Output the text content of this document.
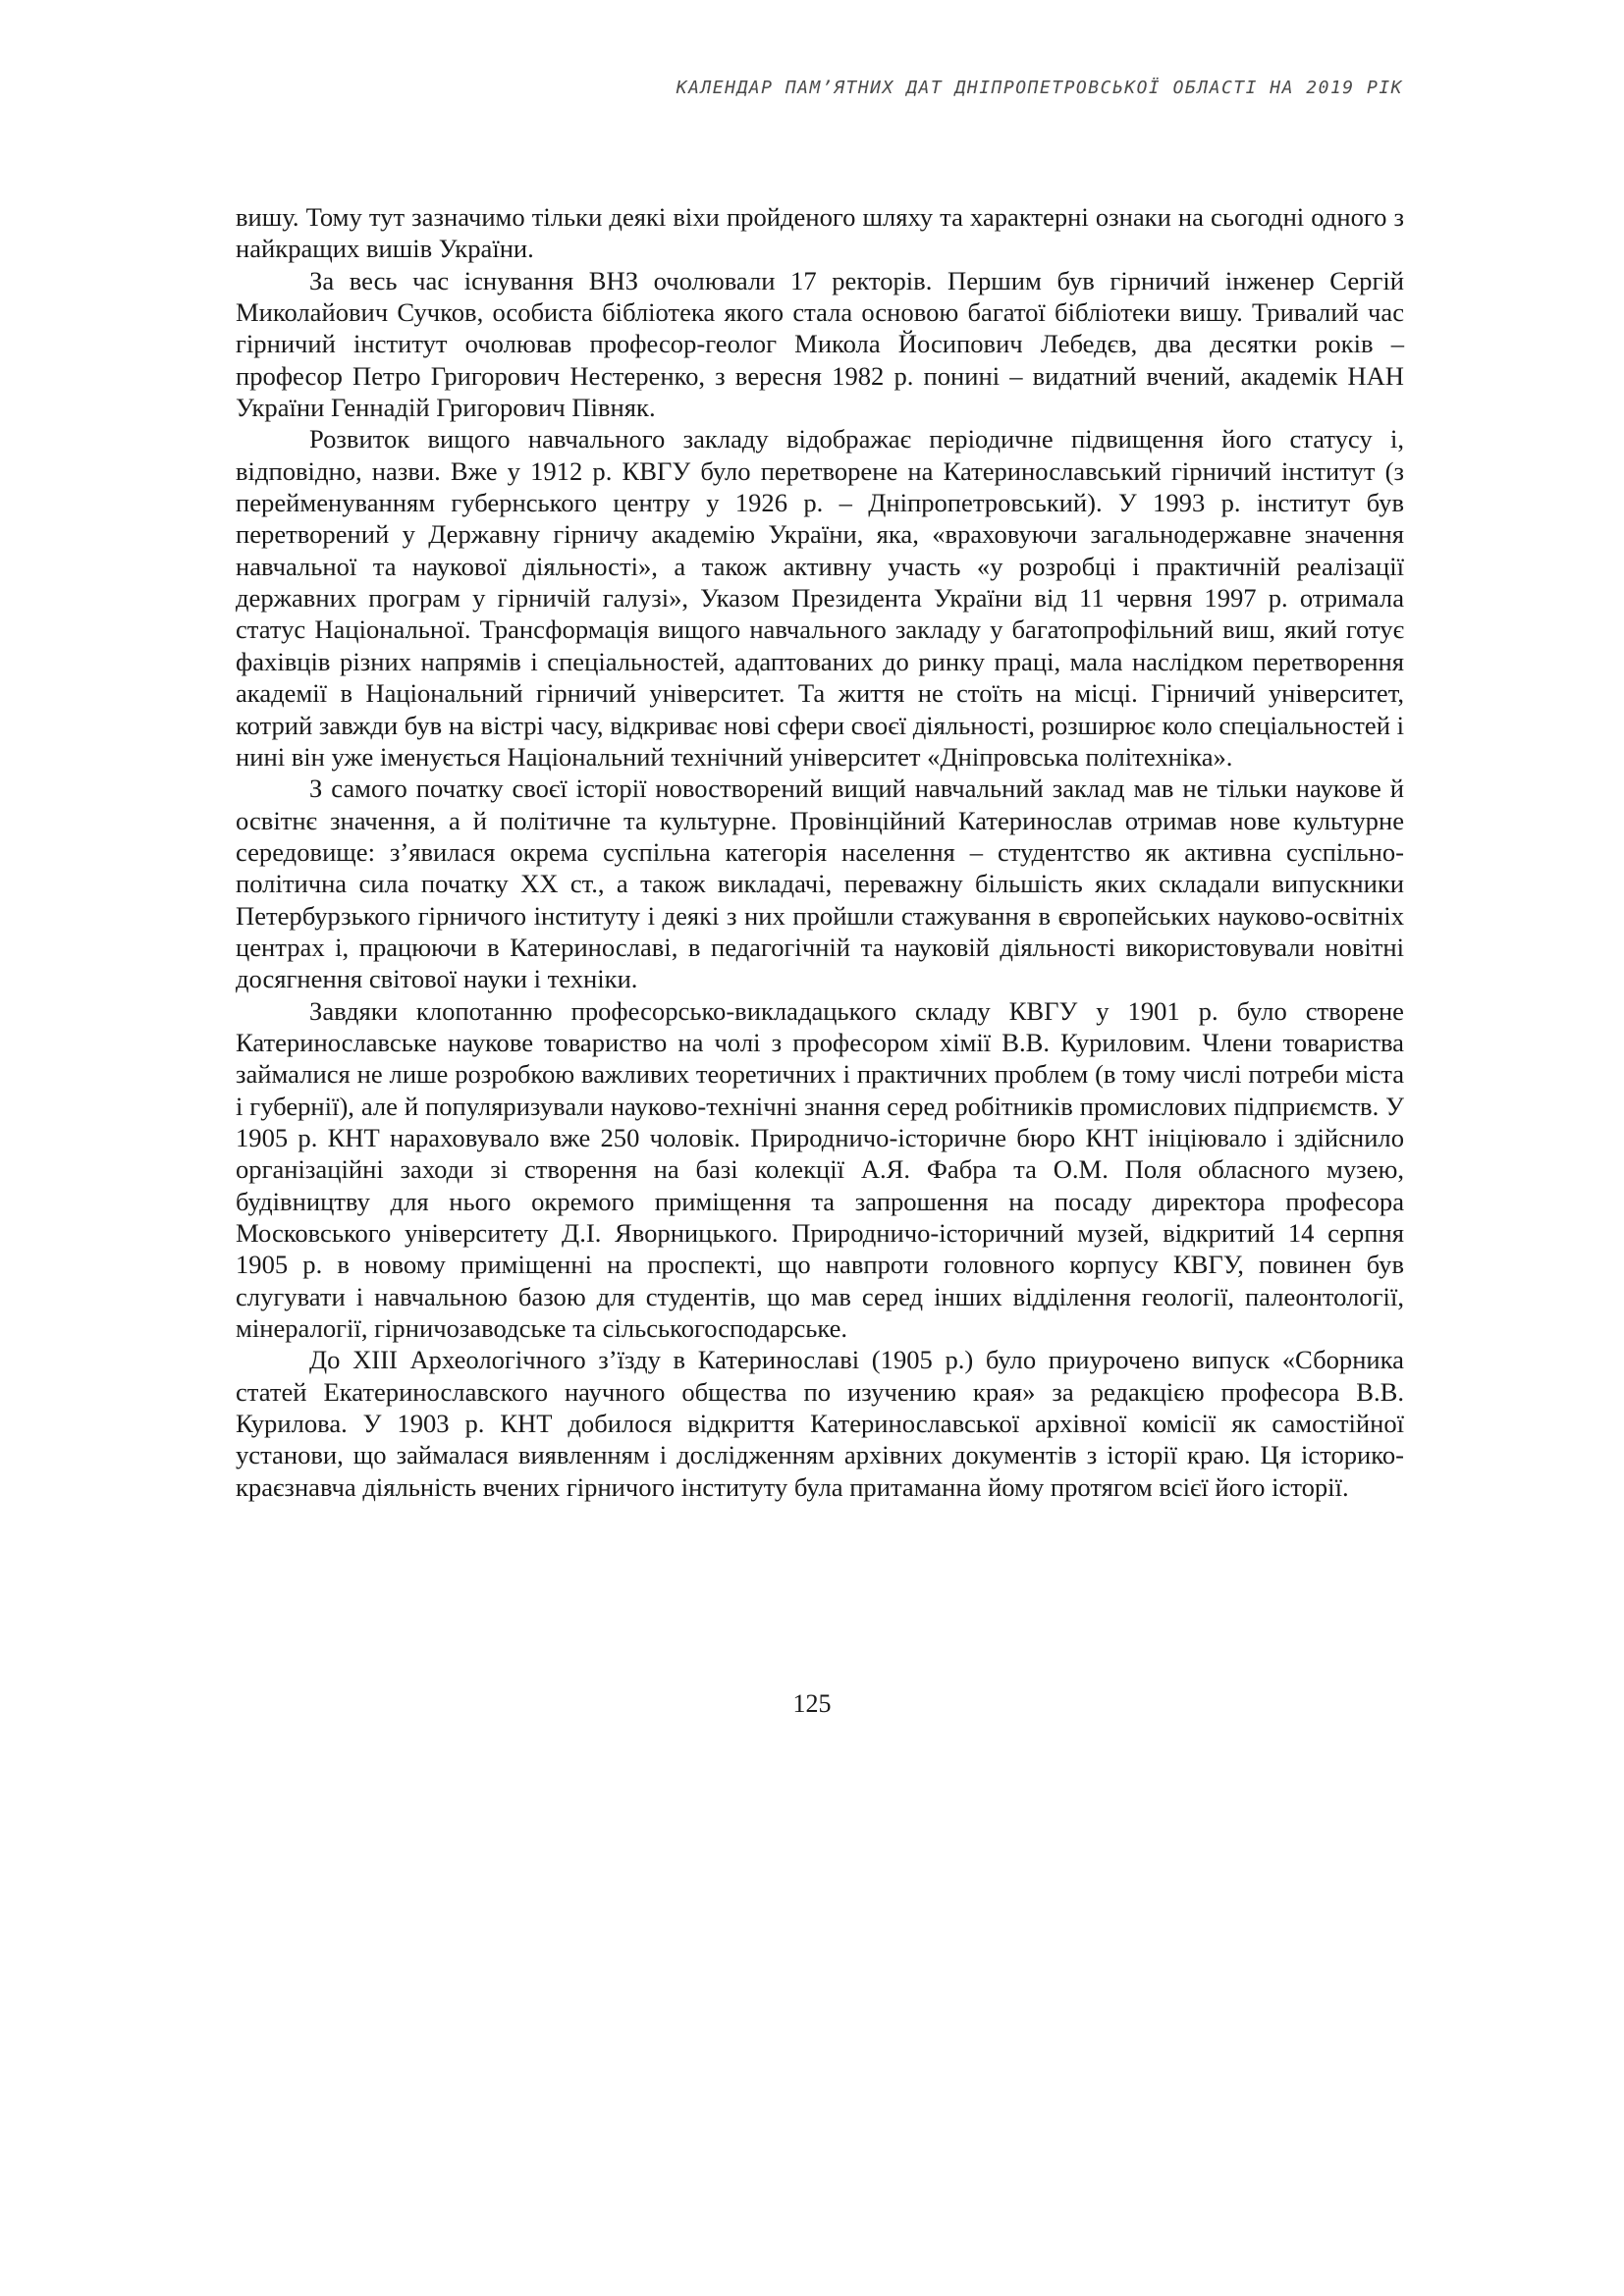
КАЛЕНДАР ПАМ’ЯТНИХ ДАТ ДНІПРОПЕТРОВСЬКОЇ ОБЛАСТІ НА 2019 РІК

вишу. Тому тут зазначимо тільки деякі віхи пройденого шляху та характерні ознаки на сьогодні одного з найкращих вишів України.

За весь час існування ВНЗ очолювали 17 ректорів. Першим був гірничий інженер Сергій Миколайович Сучков, особиста бібліотека якого стала основою багатої бібліотеки вишу. Тривалий час гірничий інститут очолював професор-геолог Микола Йосипович Лебедєв, два десятки років – професор Петро Григорович Нестеренко, з вересня 1982 р. понині – видатний вчений, академік НАН України Геннадій Григорович Півняк.

Розвиток вищого навчального закладу відображає періодичне підвищення його статусу і, відповідно, назви. Вже у 1912 р. КВГУ було перетворене на Катеринославський гірничий інститут (з перейменуванням губернського центру у 1926 р. – Дніпропетровський). У 1993 р. інститут був перетворений у Державну гірничу академію України, яка, «враховуючи загальнодержавне значення навчальної та наукової діяльності», а також активну участь «у розробці і практичній реалізації державних програм у гірничій галузі», Указом Президента України від 11 червня 1997 р. отримала статус Національної. Трансформація вищого навчального закладу у багатопрофільний виш, який готує фахівців різних напрямів і спеціальностей, адаптованих до ринку праці, мала наслідком перетворення академії в Національний гірничий університет. Та життя не стоїть на місці. Гірничий університет, котрий завжди був на вістрі часу, відкриває нові сфери своєї діяльності, розширює коло спеціальностей і нині він уже іменується Національний технічний університет «Дніпровська політехніка».

З самого початку своєї історії новостворений вищий навчальний заклад мав не тільки наукове й освітнє значення, а й політичне та культурне. Провінційний Катеринослав отримав нове культурне середовище: з’явилася окрема суспільна категорія населення – студентство як активна суспільно-політична сила початку XX ст., а також викладачі, переважну більшість яких складали випускники Петербурзького гірничого інституту і деякі з них пройшли стажування в європейських науково-освітніх центрах і, працюючи в Катеринославі, в педагогічній та науковій діяльності використовували новітні досягнення світової науки і техніки.

Завдяки клопотанню професорсько-викладацького складу КВГУ у 1901 р. було створене Катеринославське наукове товариство на чолі з професором хімії В.В. Куриловим. Члени товариства займалися не лише розробкою важливих теоретичних і практичних проблем (в тому числі потреби міста і губернії), але й популяризували науково-технічні знання серед робітників промислових підприємств. У 1905 р. КНТ нараховувало вже 250 чоловік. Природничо-історичне бюро КНТ ініціювало і здійснило організаційні заходи зі створення на базі колекції А.Я. Фабра та О.М. Поля обласного музею, будівництву для нього окремого приміщення та запрошення на посаду директора професора Московського університету Д.І. Яворницького. Природничо-історичний музей, відкритий 14 серпня 1905 р. в новому приміщенні на проспекті, що навпроти головного корпусу КВГУ, повинен був слугувати і навчальною базою для студентів, що мав серед інших відділення геології, палеонтології, мінералогії, гірничозаводське та сільськогосподарське.

До XIII Археологічного з’їзду в Катеринославі (1905 р.) було приурочено випуск «Сборника статей Екатеринославского научного общества по изучению края» за редакцією професора В.В. Курилова. У 1903 р. КНТ добилося відкриття Катеринославської архівної комісії як самостійної установи, що займалася виявленням і дослідженням архівних документів з історії краю. Ця історико-краєзнавча діяльність вчених гірничого інституту була притаманна йому протягом всієї його історії.

125
